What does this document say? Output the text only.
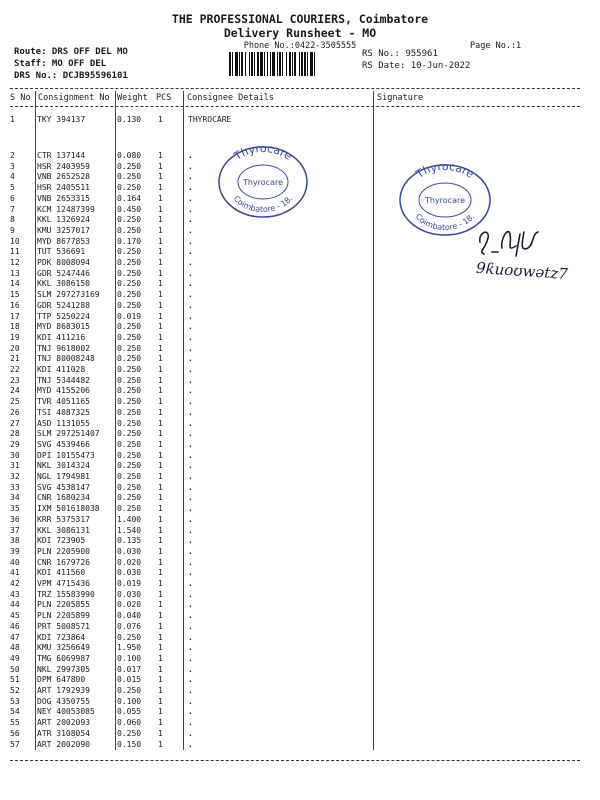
THE PROFESSIONAL COURIERS, Coimbatore
Delivery Runsheet - MO
Phone No.:0422-3505555	Page No.:1
Route: DRS OFF DEL MO
Staff: MO OFF DEL
DRS No.: DCJB95596101
RS No.: 955961
RS Date: 10-Jun-2022
S No Consignment No Weight PCS Consignee Details	Signature
1	TKY 394137	0.130 1	THYROCARE
2	CTR 137144	0.080 1	.
3	HSR 2403959	0.250 1	.
4	VNB 2652528	0.250 1	.
5	HSR 2405511	0.250 1	.
6	VNB 2653315	0.164 1	.
7	KCM 12487399	0.450 1	.
8	KKL 1326924	0.250 1	.
9	KMU 3257017	0.250 1	.
10 MYD 8677853	0.170 1	.
11 TUT 536691	0.250 1	.
12 PDK 8008094	0.250 1	.
13 GDR 5247446	0.250 1	.
14 KKL 3086150	0.250 1	.
15 SLM 297273169 0.250 1	.
16 GDR 5241288	0.250 1	.
17 TTP 5250224	0.019 1	.
18 MYD 8683015	0.250 1	.
19 KDI 411216	0.250 1	.
20 TNJ 9618002	0.250 1	.
21 TNJ 80008248	0.250 1	.
22 KDI 411028	0.250 1	.
23 TNJ 5344482	0.250 1	.
24 MYD 4155206	0.250 1	.
25 TVR 4051165	0.250 1	.
26 TSI 4087325	0.250 1	.
27 ASD 1131055	0.250 1	.
28 SLM 297251407 0.250 1	.
29 SVG 4539466	0.250 1	.
30 DPI 10155473	0.250 1	.
31 NKL 3014324	0.250 1	.
32 NGL 1794981	0.250 1	.
33 SVG 4538147	0.250 1	.
34 CNR 1680234	0.250 1	.
35 IXM 501618038 0.250 1	.
36 KRR 5375317	1.400 1	.
37 KKL 3086131	1.540 1	.
38 KDI 723905	0.135 1	.
39 PLN 2205900	0.030 1	.
40 CNR 1679726	0.020 1	.
41 KDI 411560	0.030 1	.
42 VPM 4715436	0.019 1	.
43 TRZ 15583990	0.030 1	.
44 PLN 2205855	0.020 1	.
45 PLN 2205899	0.040 1	.
46 PRT 5008571	0.076 1	.
47 KDI 723864	0.250 1	.
48 KMU 3256649	1.950 1	.
49 TMG 6069987	0.100 1	.
50 NKL 2997305	0.017 1	.
51 DPM 647800	0.015 1	.
52 ART 1792939	0.250 1	.
53 DOG 4350755	0.100 1	.
54 NEY 40053085	0.055 1	.
55 ART 2002093	0.060 1	.
56 ATR 3108054	0.250 1	.
57 ART 2002090	0.150 1	.
Thyrocare
Thyrocare
Coimbatore - 18.
Thyrocare
Thyrocare
Coimbatore - 18.
9ƙuoʊwətz7
